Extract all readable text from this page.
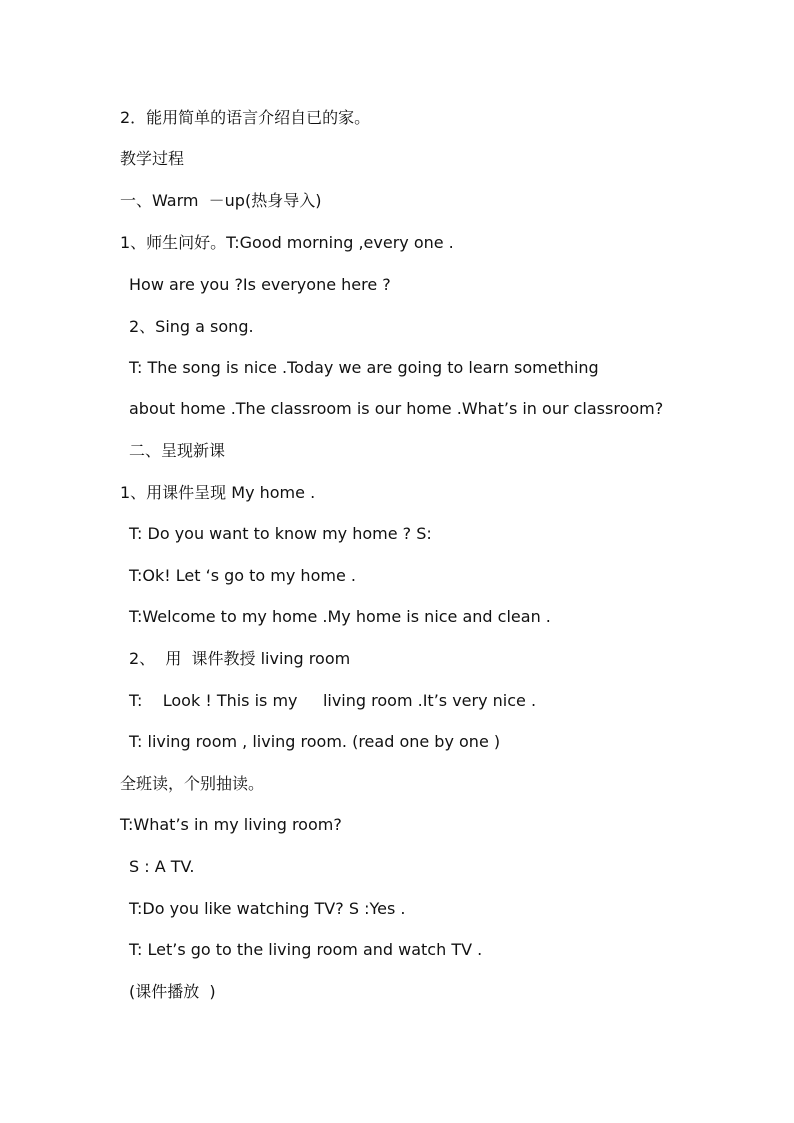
2．能用简单的语言介绍自已的家。
教学过程
一、Warm  －up(热身导入)
1、师生问好。T:Good morning ,every one .
How are you ?Is everyone here ?
2、Sing a song.
T: The song is nice .Today we are going to learn something
about home .The classroom is our home .What’s in our classroom?
二、呈现新课
1、用课件呈现 My home .
T: Do you want to know my home ? S:
T:Ok! Let ‘s go to my home .
T:Welcome to my home .My home is nice and clean .
2、  用  课件教授 living room
T:    Look ! This is my     living room .It’s very nice .
T: living room , living room. (read one by one )
全班读，个别抽读。
T:What’s in my living room?
S : A TV.
T:Do you like watching TV? S :Yes .
T: Let’s go to the living room and watch TV .
(课件播放  )
